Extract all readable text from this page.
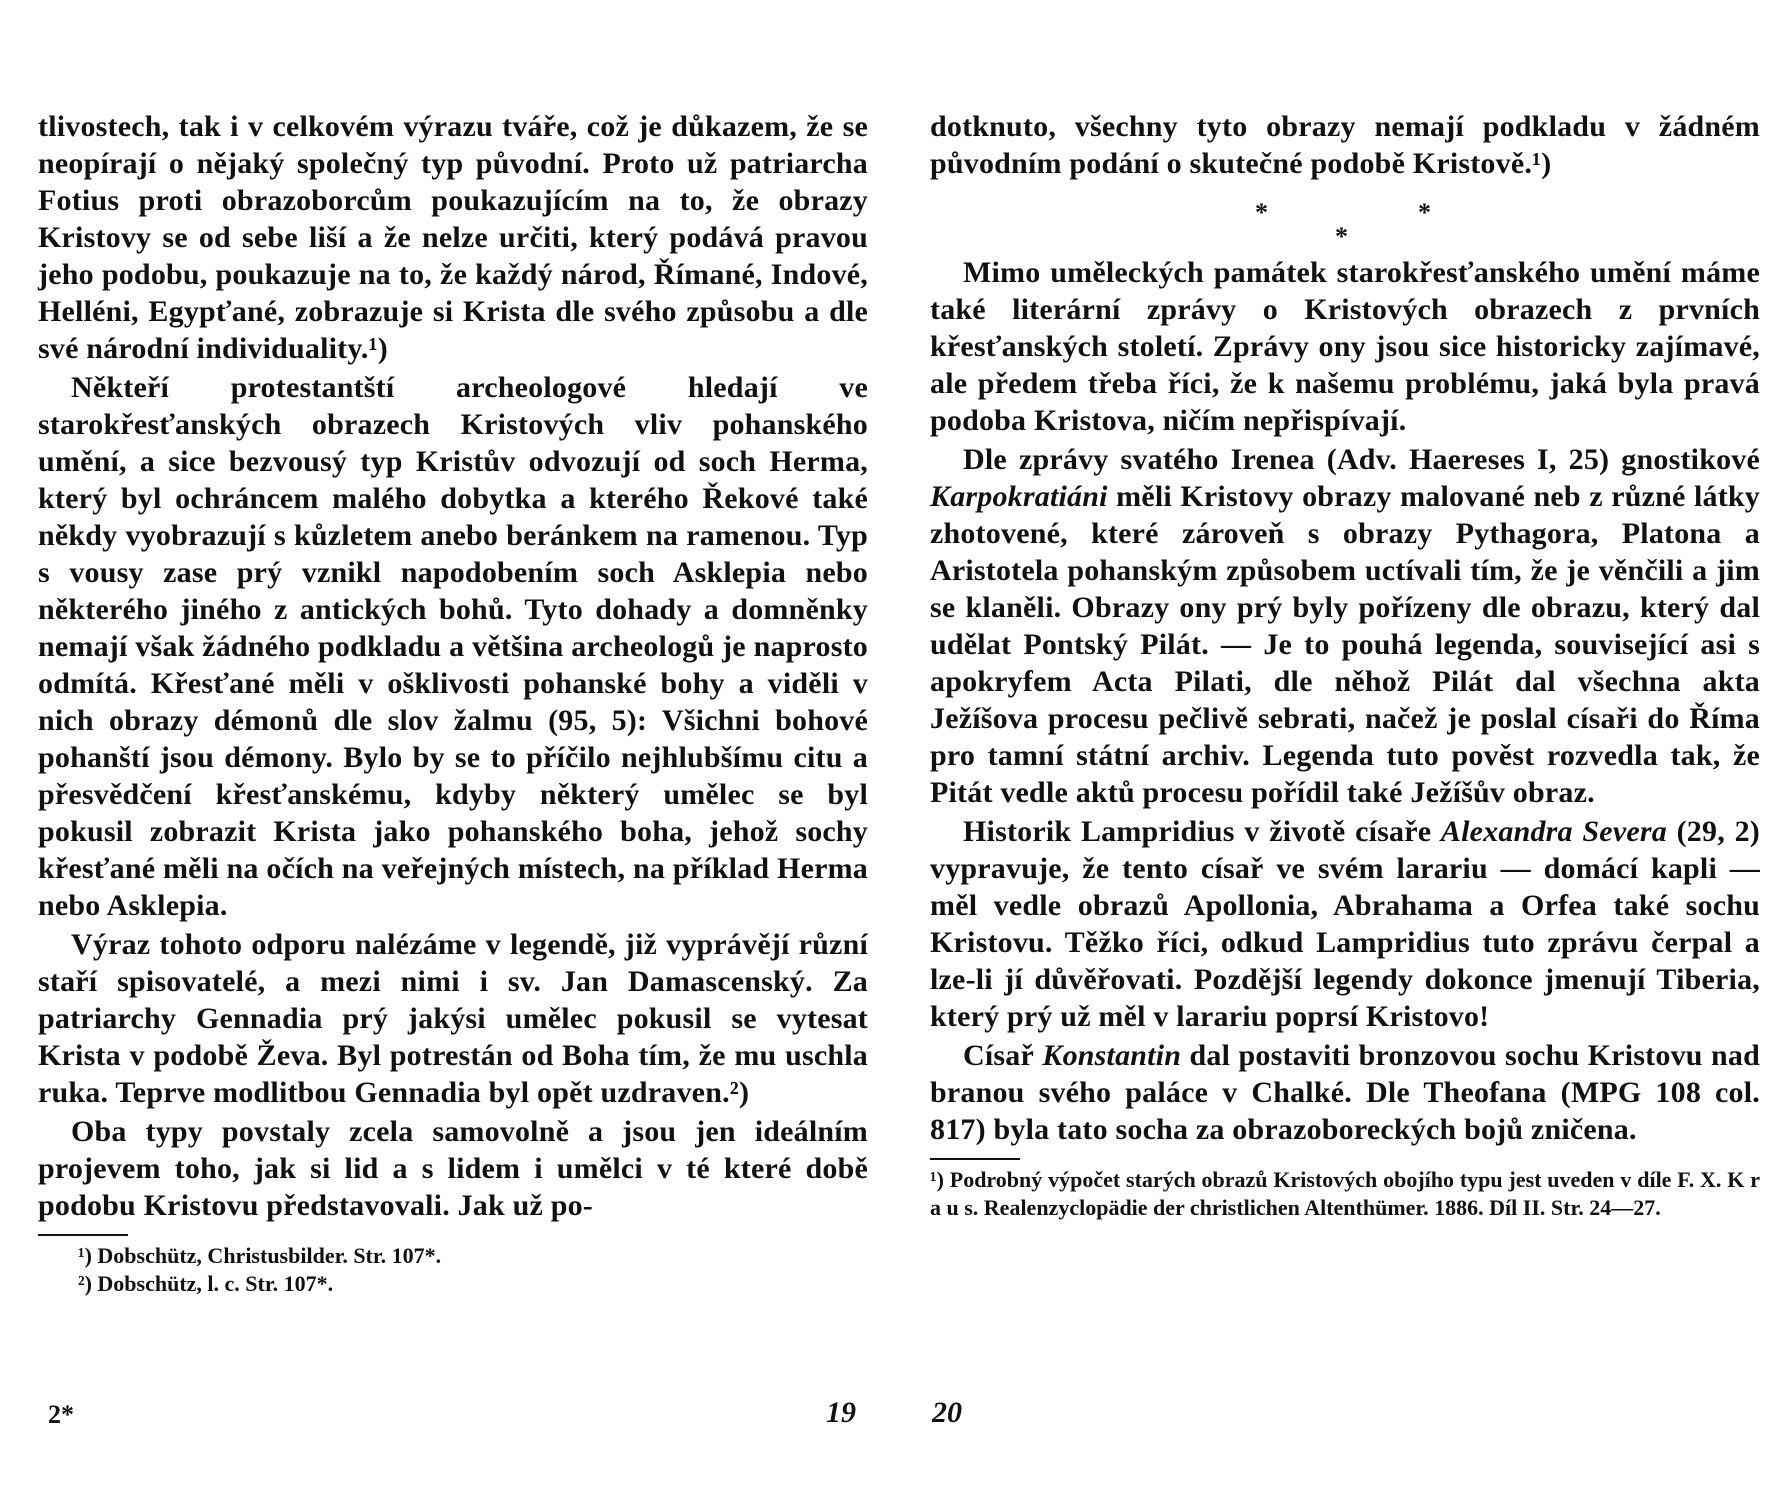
tlivostech, tak i v celkovém výrazu tváře, což je důkazem, že se neopírají o nějaký společný typ původní. Proto už patriarcha Fotius proti obrazoborcům poukazujícím na to, že obrazy Kristovy se od sebe liší a že nelze určiti, který podává pravou jeho podobu, poukazuje na to, že každý národ, Římané, Indové, Helléni, Egypťané, zobrazuje si Krista dle svého způsobu a dle své národní individuality.¹)

Někteří protestantští archeologové hledají ve starokřesťanských obrazech Kristových vliv pohanského umění, a sice bezvousý typ Kristův odvozují od soch Herma, který byl ochráncem malého dobytka a kterého Řekové také někdy vyobrazují s kůzletem anebo beránkem na ramenou. Typ s vousy zase prý vznikl napodobením soch Asklepia nebo některého jiného z antických bohů. Tyto dohady a domněnky nemají však žádného podkladu a většina archeologů je naprosto odmítá. Křesťané měli v ošklivosti pohanské bohy a viděli v nich obrazy démonů dle slov žalmu (95, 5): Všichni bohové pohanští jsou démony. Bylo by se to příčilo nejhlubšímu citu a přesvědčení křesťanskému, kdyby některý umělec se byl pokusil zobrazit Krista jako pohanského boha, jehož sochy křesťané měli na očích na veřejných místech, na příklad Herma nebo Asklepia.

Výraz tohoto odporu nalézáme v legendě, již vyprávějí různí staří spisovatelé, a mezi nimi i sv. Jan Damascenský. Za patriarchy Gennadia prý jakýsi umělec pokusil se vytesat Krista v podobě Ževa. Byl potrestán od Boha tím, že mu uschla ruka. Teprve modlitbou Gennadia byl opět uzdraven.²)

Oba typy povstaly zcela samovolně a jsou jen ideálním projevem toho, jak si lid a s lidem i umělci v té které době podobu Kristovu představovali. Jak už po-

¹) Dobschütz, Christusbilder. Str. 107*.

²) Dobschütz, l. c. Str. 107*.

2*	19

dotknuto, všechny tyto obrazy nemají podkladu v žádném původním podání o skutečné podobě Kristově.¹)

*
*
*

Mimo uměleckých památek starokřesťanského umění máme také literární zprávy o Kristových obrazech z prvních křesťanských století. Zprávy ony jsou sice historicky zajímavé, ale předem třeba říci, že k našemu problému, jaká byla pravá podoba Kristova, ničím nepřispívají.

Dle zprávy svatého Irenea (Adv. Haereses I, 25) gnostikové Karpokratiáni měli Kristovy obrazy malované neb z různé látky zhotovené, které zároveň s obrazy Pythagora, Platona a Aristotela pohanským způsobem uctívali tím, že je věnčili a jim se klaněli. Obrazy ony prý byly pořízeny dle obrazu, který dal udělat Pontský Pilát. — Je to pouhá legenda, související asi s apokryfem Acta Pilati, dle něhož Pilát dal všechna akta Ježíšova procesu pečlivě sebrati, načež je poslal císaři do Říma pro tamní státní archiv. Legenda tuto pověst rozvedla tak, že Pitát vedle aktů procesu pořídil také Ježíšův obraz.

Historik Lampridius v životě císaře Alexandra Severa (29, 2) vypravuje, že tento císař ve svém larariu — domácí kapli — měl vedle obrazů Apollonia, Abrahama a Orfea také sochu Kristovu. Těžko říci, odkud Lampridius tuto zprávu čerpal a lze-li jí důvěřovati. Pozdější legendy dokonce jmenují Tiberia, který prý už měl v larariu poprsí Kristovo!

Císař Konstantin dal postaviti bronzovou sochu Kristovu nad branou svého paláce v Chalké. Dle Theofana (MPG 108 col. 817) byla tato socha za obrazoboreckých bojů zničena.

¹) Podrobný výpočet starých obrazů Kristových obojího typu jest uveden v díle F. X. K r a u s. Realenzyclopädie der christlichen Altenthümer. 1886. Díl II. Str. 24—27.

20
